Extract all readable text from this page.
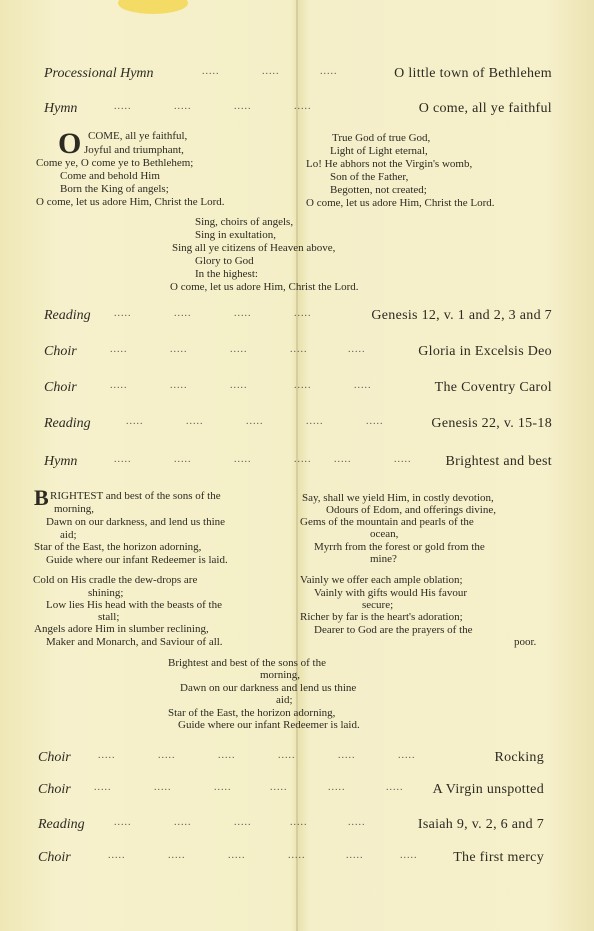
Processional Hymn	.....	.....	.....	O little town of Bethlehem
Hymn	.....	.....	.....	.....	O come, all ye faithful
O COME, all ye faithful,
Joyful and triumphant,
Come ye, O come ye to Bethlehem;
Come and behold Him
Born the King of angels;
O come, let us adore Him, Christ the Lord.
True God of true God,
Light of Light eternal,
Lo! He abhors not the Virgin's womb,
Son of the Father,
Begotten, not created;
O come, let us adore Him, Christ the Lord.
Sing, choirs of angels,
Sing in exultation,
Sing all ye citizens of Heaven above,
Glory to God
In the highest:
O come, let us adore Him, Christ the Lord.
Reading .....	.....	.....	.....	Genesis 12, v. 1 and 2, 3 and 7
Choir	.....	.....	.....	.....	.....	Gloria in Excelsis Deo
Choir	.....	.....	.....	.....	.....	The Coventry Carol
Reading	.....	.....	.....	.....	.....	Genesis 22, v. 15-18
Hymn	.....	.....	.....	..... .....	..... Brightest and best
B RIGHTEST and best of the sons of the
morning,
Dawn on our darkness, and lend us thine
aid;
Star of the East, the horizon adorning,
Guide where our infant Redeemer is laid.
Cold on His cradle the dew-drops are
shining;
Low lies His head with the beasts of the
stall;
Angels adore Him in slumber reclining,
Maker and Monarch, and Saviour of all.
Say, shall we yield Him, in costly devotion,
Odours of Edom, and offerings divine,
Gems of the mountain and pearls of the
ocean,
Myrrh from the forest or gold from the
mine?
Vainly we offer each ample oblation;
Vainly with gifts would His favour
secure;
Richer by far is the heart's adoration;
Dearer to God are the prayers of the
poor.
Brightest and best of the sons of the
morning,
Dawn on our darkness and lend us thine
aid;
Star of the East, the horizon adorning,
Guide where our infant Redeemer is laid.
Choir	.....	.....	.....	.....	.....	.....	Rocking
Choir .....	.....	.....	.....	.....	..... A Virgin unspotted
Reading	.....	.....	.....	.....	.....	Isaiah 9, v. 2, 6 and 7
Choir	.....	.....	.....	.....	.....	.....	The first mercy
